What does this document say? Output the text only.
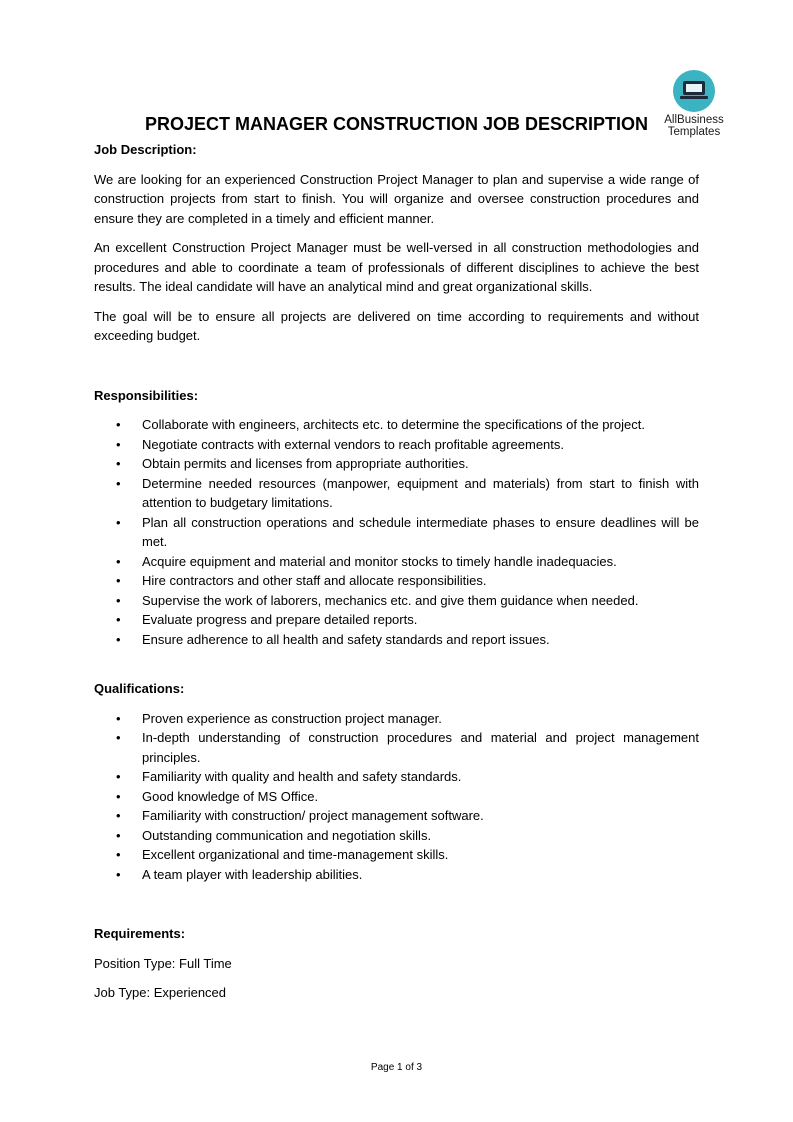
AllBusiness
Templates
PROJECT MANAGER CONSTRUCTION JOB DESCRIPTION

Job Description:

We are looking for an experienced Construction Project Manager to plan and supervise a wide range of construction projects from start to finish. You will organize and oversee construction procedures and ensure they are completed in a timely and efficient manner.

An excellent Construction Project Manager must be well-versed in all construction methodologies and procedures and able to coordinate a team of professionals of different disciplines to achieve the best results. The ideal candidate will have an analytical mind and great organizational skills.

The goal will be to ensure all projects are delivered on time according to requirements and without exceeding budget.

Responsibilities:

• Collaborate with engineers, architects etc. to determine the specifications of the project.
• Negotiate contracts with external vendors to reach profitable agreements.
• Obtain permits and licenses from appropriate authorities.
• Determine needed resources (manpower, equipment and materials) from start to finish with attention to budgetary limitations.
• Plan all construction operations and schedule intermediate phases to ensure deadlines will be met.
• Acquire equipment and material and monitor stocks to timely handle inadequacies.
• Hire contractors and other staff and allocate responsibilities.
• Supervise the work of laborers, mechanics etc. and give them guidance when needed.
• Evaluate progress and prepare detailed reports.
• Ensure adherence to all health and safety standards and report issues.

Qualifications:

• Proven experience as construction project manager.
• In-depth understanding of construction procedures and material and project management principles.
• Familiarity with quality and health and safety standards.
• Good knowledge of MS Office.
• Familiarity with construction/ project management software.
• Outstanding communication and negotiation skills.
• Excellent organizational and time-management skills.
• A team player with leadership abilities.

Requirements:

Position Type: Full Time

Job Type: Experienced

Page 1 of 3
